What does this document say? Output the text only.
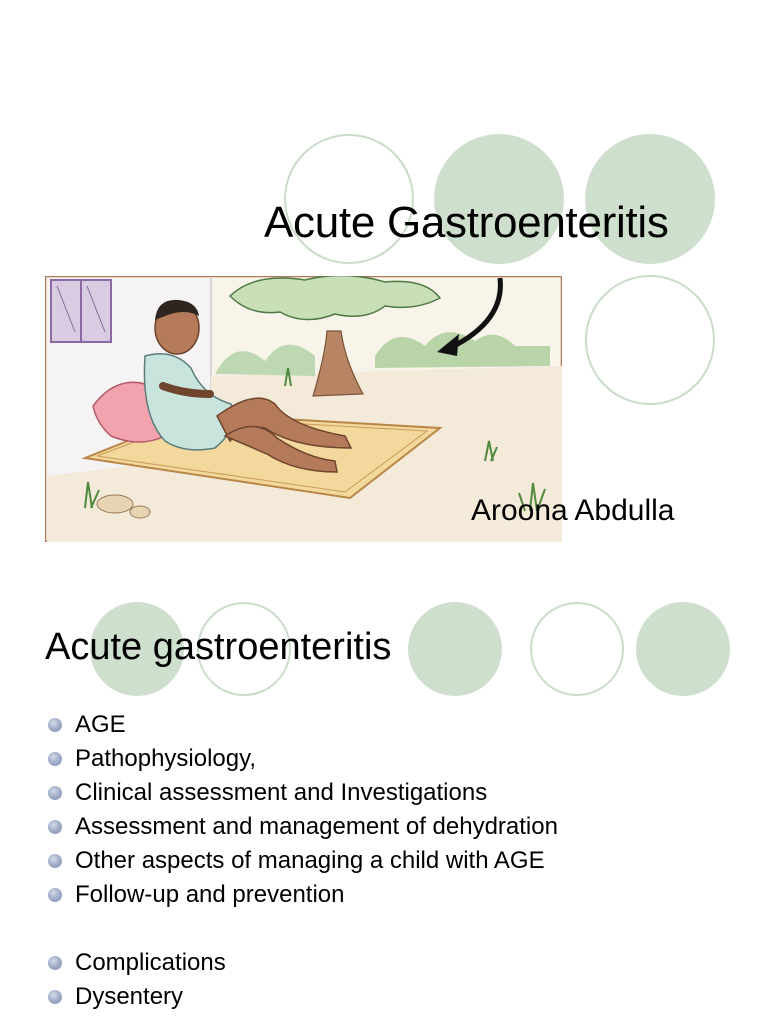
Acute Gastroenteritis
Aroona Abdulla
Acute gastroenteritis
AGE
Pathophysiology,
Clinical assessment and Investigations
Assessment and management of dehydration
Other aspects of managing a child with AGE
Follow-up and prevention
Complications
Dysentery
